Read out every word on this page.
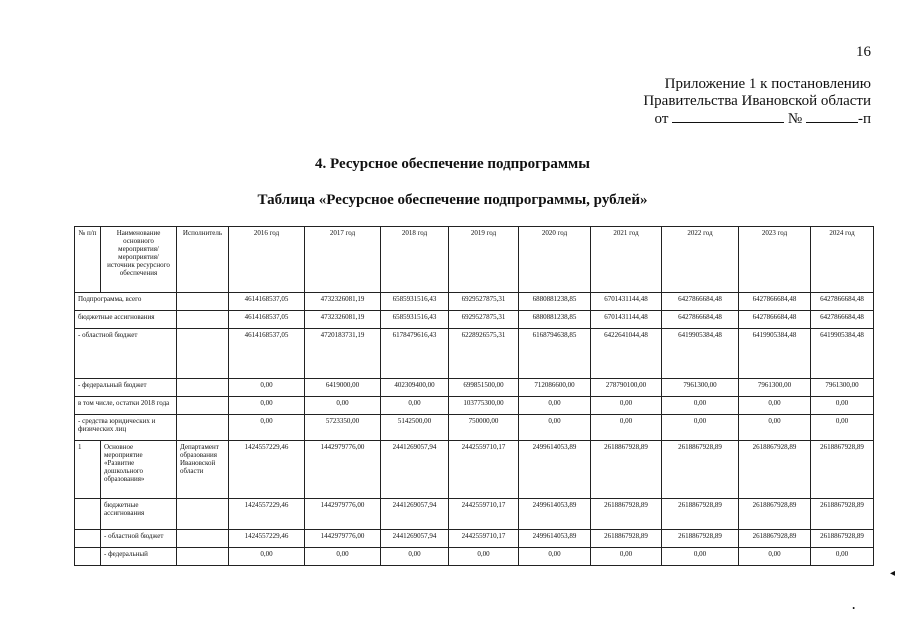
16
Приложение 1 к постановлению
Правительства Ивановской области
от	№	-п
4. Ресурсное обеспечение подпрограммы
Таблица «Ресурсное обеспечение подпрограммы, рублей»
№ п/п	Наименование основного мероприятия/мероприятия/ источник ресурсного обеспечения	Исполнитель	2016 год	2017 год	2018 год	2019 год	2020 год	2021 год	2022 год	2023 год	2024 год
Подпрограмма, всего			4614168537,05	4732326081,19	6585931516,43	6929527875,31	6880881238,85	6701431144,48	6427866684,48	6427866684,48	6427866684,48
бюджетные ассигнования			4614168537,05	4732326081,19	6585931516,43	6929527875,31	6880881238,85	6701431144,48	6427866684,48	6427866684,48	6427866684,48
- областной бюджет			4614168537,05	4720183731,19	6178479616,43	6228926575,31	6168794638,85	6422641044,48	6419905384,48	6419905384,48	6419905384,48
- федеральный бюджет			0,00	6419000,00	402309400,00	699851500,00	712086600,00	278790100,00	7961300,00	7961300,00	7961300,00
в том числе, остатки 2018 года			0,00	0,00	0,00	103775300,00	0,00	0,00	0,00	0,00	0,00
- средства юридических и физических лиц			0,00	5723350,00	5142500,00	750000,00	0,00	0,00	0,00	0,00	0,00
1	Основное мероприятие «Развитие дошкольного образования»	Департамент образования Ивановской области	1424557229,46	1442979776,00	2441269057,94	2442559710,17	2499614053,89	2618867928,89	2618867928,89	2618867928,89	2618867928,89
	бюджетные ассигнования		1424557229,46	1442979776,00	2441269057,94	2442559710,17	2499614053,89	2618867928,89	2618867928,89	2618867928,89	2618867928,89
	- областной бюджет		1424557229,46	1442979776,00	2441269057,94	2442559710,17	2499614053,89	2618867928,89	2618867928,89	2618867928,89	2618867928,89
	- федеральный		0,00	0,00	0,00	0,00	0,00	0,00	0,00	0,00	0,00
◂
•
